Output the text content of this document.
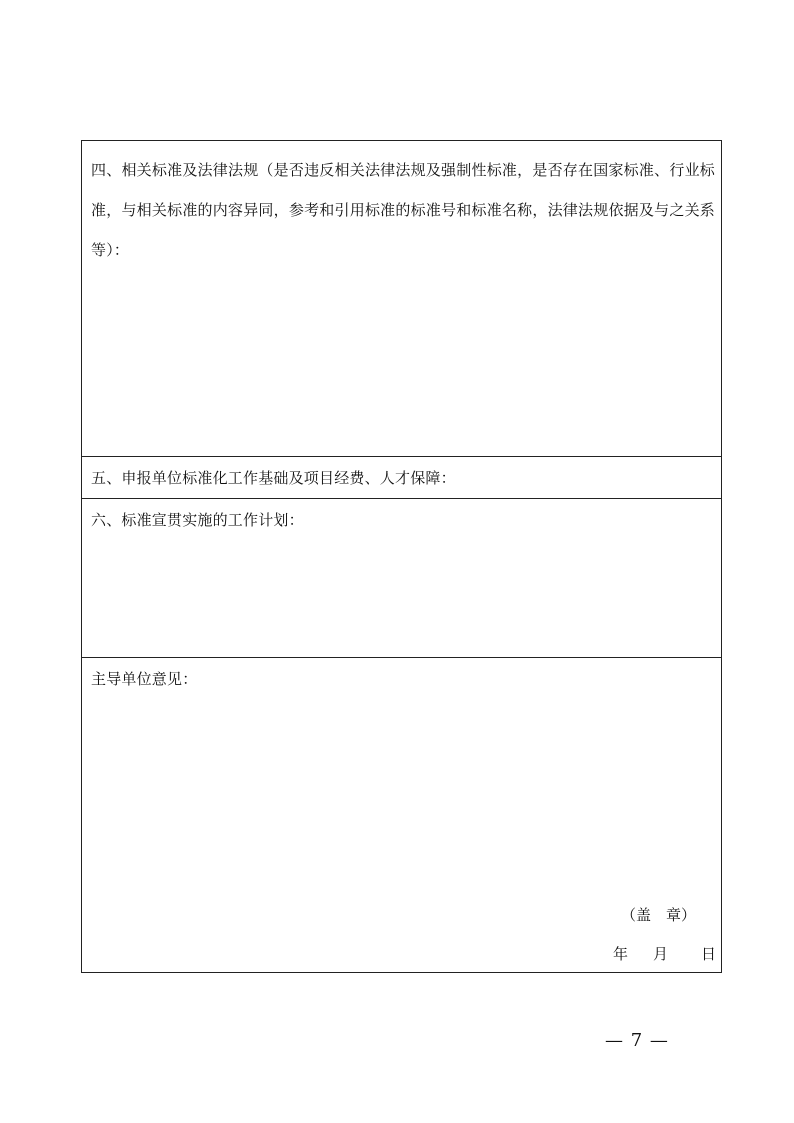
四、相关标准及法律法规（是否违反相关法律法规及强制性标准，是否存在国家标准、行业标准，与相关标准的内容异同，参考和引用标准的标准号和标准名称，法律法规依据及与之关系等）：
五、申报单位标准化工作基础及项目经费、人才保障：
六、标准宣贯实施的工作计划：
主导单位意见：
（盖　章）
年 月 日
— 7 —
